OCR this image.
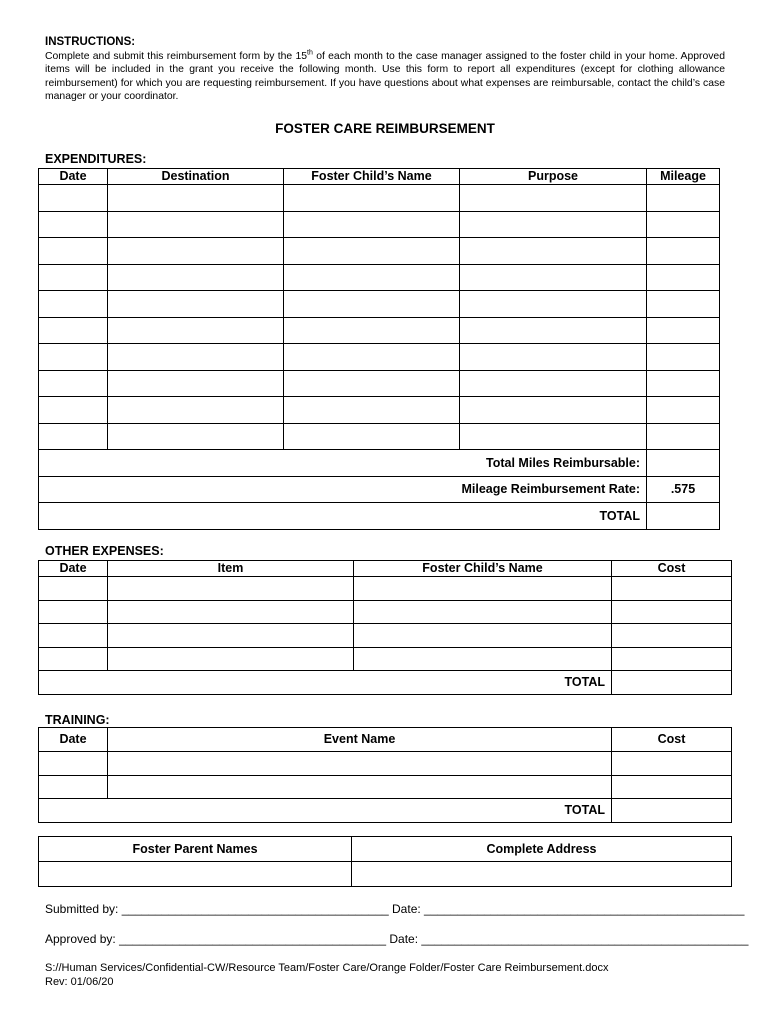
INSTRUCTIONS:
Complete and submit this reimbursement form by the 15th of each month to the case manager assigned to the foster child in your home. Approved items will be included in the grant you receive the following month. Use this form to report all expenditures (except for clothing allowance reimbursement) for which you are requesting reimbursement. If you have questions about what expenses are reimbursable, contact the child’s case manager or your coordinator.
FOSTER CARE REIMBURSEMENT
EXPENDITURES:
Date	Destination	Foster Child’s Name	Purpose	Mileage

Total Miles Reimbursable:				
Mileage Reimbursement Rate:				.575
TOTAL				
OTHER EXPENSES:
Date	Item	Foster Child’s Name	Cost

TOTAL			
TRAINING:
Date	Event Name	Cost

TOTAL		
Foster Parent Names	Complete Address

Submitted by: ________________________________________ Date: ________________________________________________
Approved by: ________________________________________ Date: _________________________________________________
S://Human Services/Confidential-CW/Resource Team/Foster Care/Orange Folder/Foster Care Reimbursement.docx
Rev: 01/06/20
